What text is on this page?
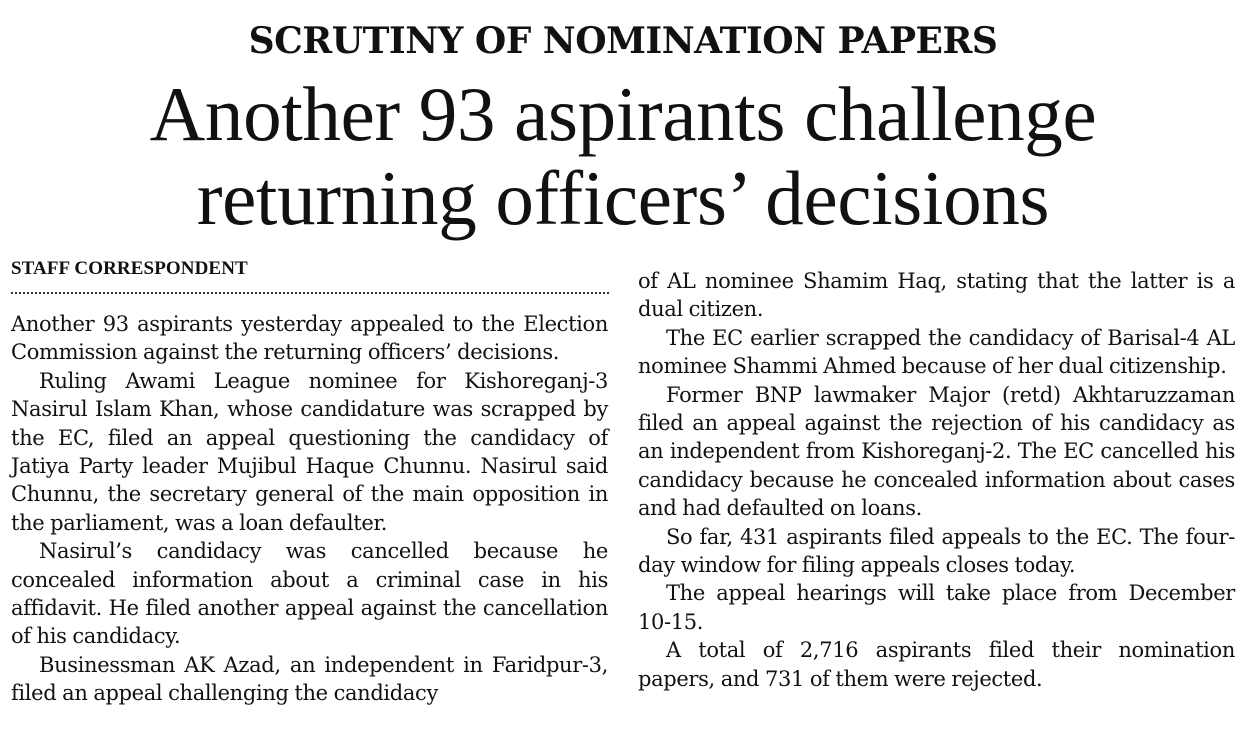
SCRUTINY OF NOMINATION PAPERS
Another 93 aspirants challenge
returning officers’ decisions
STAFF CORRESPONDENT

Another 93 aspirants yesterday appealed to the Election Commission against the returning officers’ decisions.

Ruling Awami League nominee for Kishoreganj-3 Nasirul Islam Khan, whose candidature was scrapped by the EC, filed an appeal questioning the candidacy of Jatiya Party leader Mujibul Haque Chunnu. Nasirul said Chunnu, the secretary general of the main opposition in the parliament, was a loan defaulter.

Nasirul’s candidacy was cancelled because he concealed information about a criminal case in his affidavit. He filed another appeal against the cancellation of his candidacy.

Businessman AK Azad, an independent in Faridpur-3, filed an appeal challenging the candidacy

of AL nominee Shamim Haq, stating that the latter is a dual citizen.

The EC earlier scrapped the candidacy of Barisal-4 AL nominee Shammi Ahmed because of her dual citizenship.

Former BNP lawmaker Major (retd) Akhtaruzzaman filed an appeal against the rejection of his candidacy as an independent from Kishoreganj-2. The EC cancelled his candidacy because he concealed information about cases and had defaulted on loans.

So far, 431 aspirants filed appeals to the EC. The four-day window for filing appeals closes today.

The appeal hearings will take place from December 10-15.

A total of 2,716 aspirants filed their nomination papers, and 731 of them were rejected.
